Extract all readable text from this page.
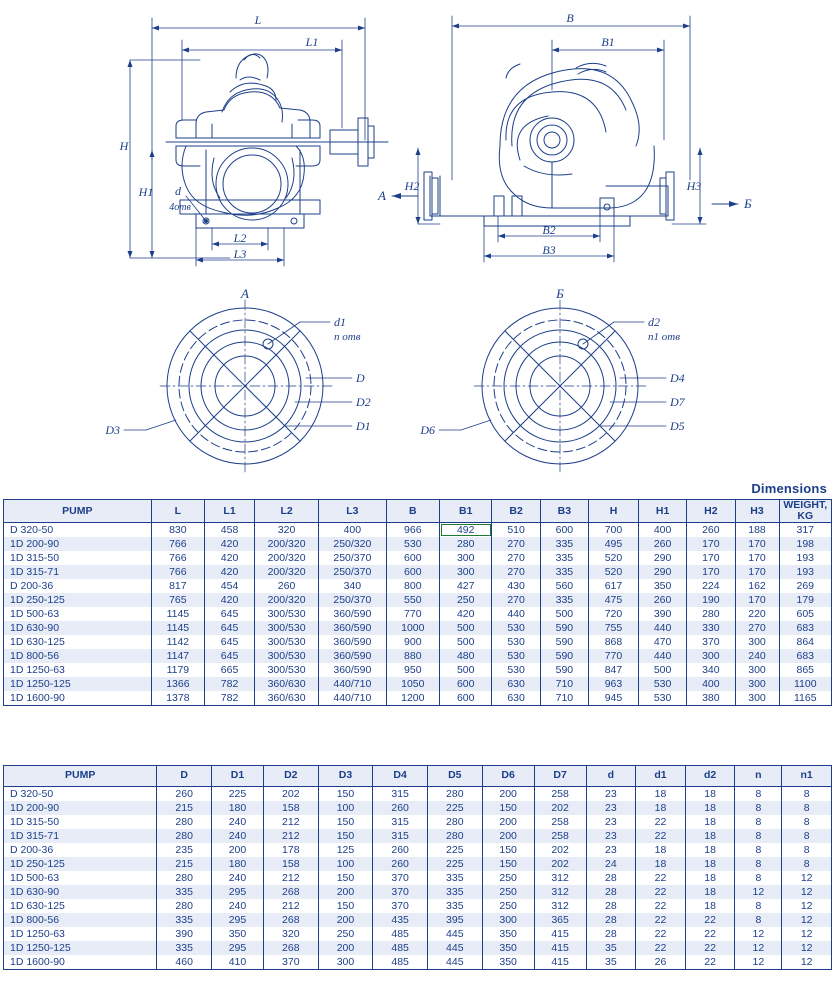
L
L1
H
H1
L2
L3
d
4отв
B
B1
B2
B3
H2	H3
А
Б
А	Б
d1
n отв
D
D2
D1
D3
d2
n1 отв
D4
D7
D5
D6
Dimensions
PUMP	L	L1	L2	L3	B	B1	B2	B3	H	H1	H2	H3	WEIGHT,
KG

D 320-50	830	458	320	400	966	492	510	600	700	400	260	188	317
1D 200-90	766	420	200/320	250/320	530	280	270	335	495	260	170	170	198
1D 315-50	766	420	200/320	250/370	600	300	270	335	520	290	170	170	193
1D 315-71	766	420	200/320	250/370	600	300	270	335	520	290	170	170	193
D 200-36	817	454	260	340	800	427	430	560	617	350	224	162	269
1D 250-125	765	420	200/320	250/370	550	250	270	335	475	260	190	170	179
1D 500-63	1145	645	300/530	360/590	770	420	440	500	720	390	280	220	605
1D 630-90	1145	645	300/530	360/590	1000	500	530	590	755	440	330	270	683
1D 630-125	1142	645	300/530	360/590	900	500	530	590	868	470	370	300	864
1D 800-56	1147	645	300/530	360/590	880	480	530	590	770	440	300	240	683
1D 1250-63	1179	665	300/530	360/590	950	500	530	590	847	500	340	300	865
1D 1250-125	1366	782	360/630	440/710	1050	600	630	710	963	530	400	300	1100
1D 1600-90	1378	782	360/630	440/710	1200	600	630	710	945	530	380	300	1165
PUMP	D	D1	D2	D3	D4	D5	D6	D7	d	d1	d2	n	n1
D 320-50	260	225	202	150	315	280	200	258	23	18	18	8	8
1D 200-90	215	180	158	100	260	225	150	202	23	18	18	8	8
1D 315-50	280	240	212	150	315	280	200	258	23	22	18	8	8
1D 315-71	280	240	212	150	315	280	200	258	23	22	18	8	8
D 200-36	235	200	178	125	260	225	150	202	23	18	18	8	8
1D 250-125	215	180	158	100	260	225	150	202	24	18	18	8	8
1D 500-63	280	240	212	150	370	335	250	312	28	22	18	8	12
1D 630-90	335	295	268	200	370	335	250	312	28	22	18	12	12
1D 630-125	280	240	212	150	370	335	250	312	28	22	18	8	12
1D 800-56	335	295	268	200	435	395	300	365	28	22	22	8	12
1D 1250-63	390	350	320	250	485	445	350	415	28	22	22	12	12
1D 1250-125	335	295	268	200	485	445	350	415	35	22	22	12	12
1D 1600-90	460	410	370	300	485	445	350	415	35	26	22	12	12
